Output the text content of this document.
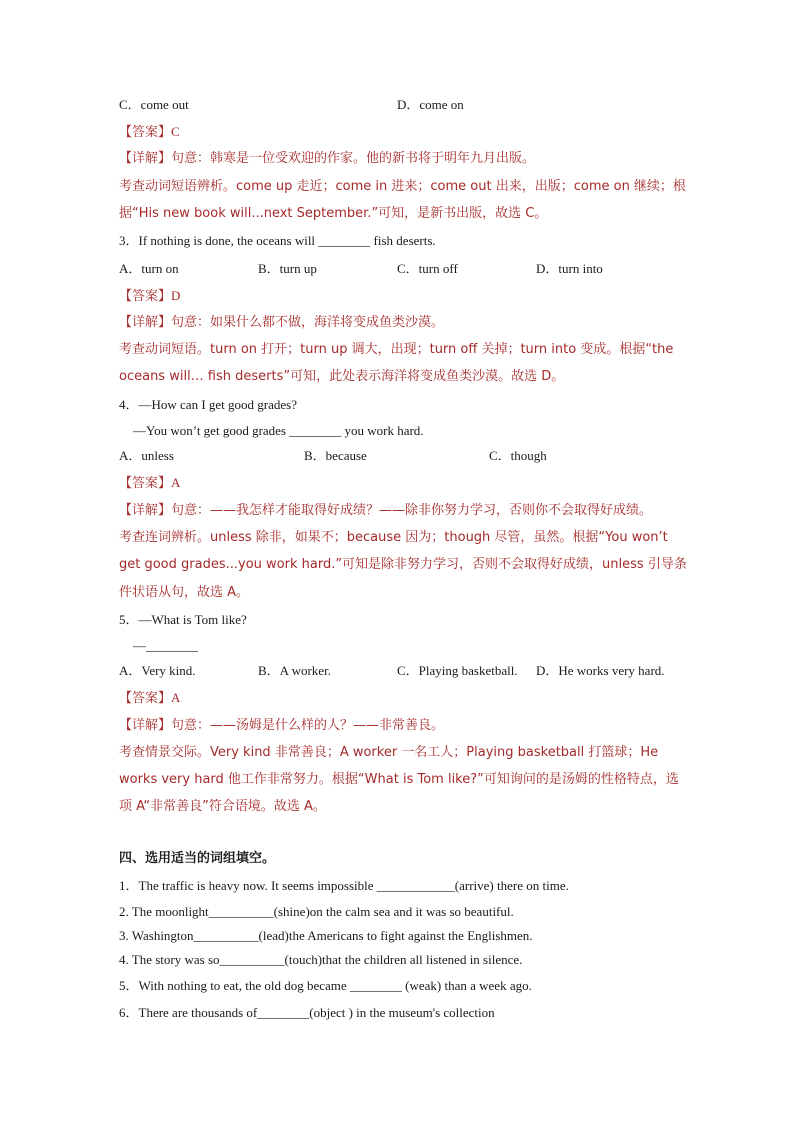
C．come out	D．come on
【答案】C
【详解】句意：韩寒是一位受欢迎的作家。他的新书将于明年九月出版。
考查动词短语辨析。come up 走近；come in 进来；come out 出来，出版；come on 继续；根
据“His new book will...next September.”可知，是新书出版，故选 C。
3．If nothing is done, the oceans will ________ fish deserts.
A．turn on	B．turn up	C．turn off	D．turn into
【答案】D
【详解】句意：如果什么都不做，海洋将变成鱼类沙漠。
考查动词短语。turn on 打开；turn up 调大，出现；turn off 关掉；turn into 变成。根据“the
oceans will… fish deserts”可知，此处表示海洋将变成鱼类沙漠。故选 D。
4．—How can I get good grades?
—You won’t get good grades ________ you work hard.
A．unless	B．because	C．though
【答案】A
【详解】句意：——我怎样才能取得好成绩？——除非你努力学习，否则你不会取得好成绩。
考查连词辨析。unless 除非，如果不；because 因为；though 尽管，虽然。根据“You won’t
get good grades...you work hard.”可知是除非努力学习，否则不会取得好成绩，unless 引导条
件状语从句，故选 A。
5．—What is Tom like?
—________
A．Very kind.	B．A worker.	C．Playing basketball. D．He works very hard.
【答案】A
【详解】句意：——汤姆是什么样的人？——非常善良。
考查情景交际。Very kind 非常善良；A worker 一名工人；Playing basketball 打篮球；He
works very hard 他工作非常努力。根据“What is Tom like?”可知询问的是汤姆的性格特点，选
项 A“非常善良”符合语境。故选 A。
四、选用适当的词组填空。
1．The traffic is heavy now. It seems impossible ____________(arrive) there on time.
2. The moonlight__________(shine)on the calm sea and it was so beautiful.
3. Washington__________(lead)the Americans to fight against the Englishmen.
4. The story was so__________(touch)that the children all listened in silence.
5．With nothing to eat, the old dog became ________ (weak) than a week ago.
6．There are thousands of________(object ) in the museum's collection
